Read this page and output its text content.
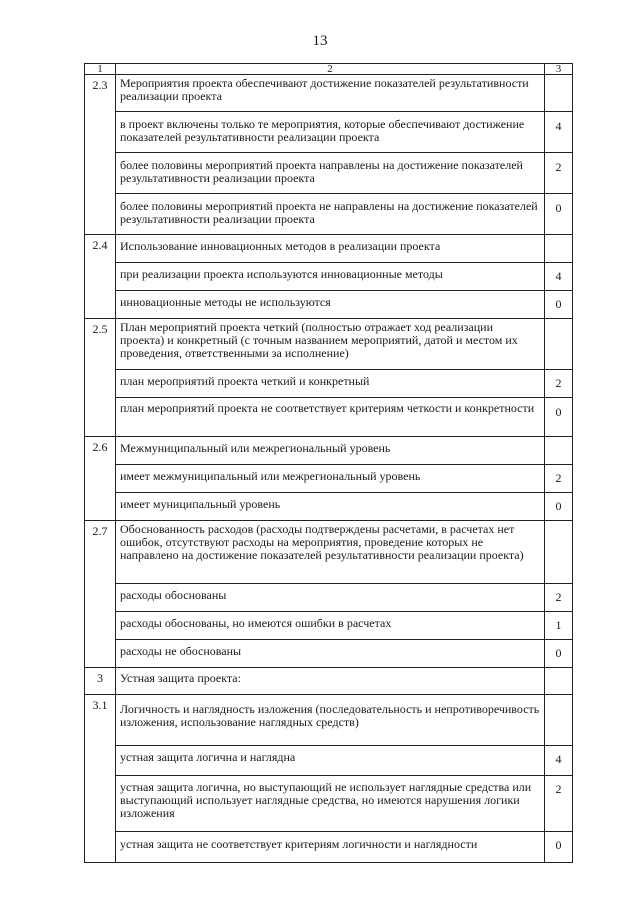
13
1	2	3
2.3	Мероприятия проекта обеспечивают достижение показателей результативности реализации проекта	
	в проект включены только те мероприятия, которые обеспечивают достижение показателей результативности реализации проекта	4
	более половины мероприятий проекта направлены на достижение показателей результативности реализации проекта	2
	более половины мероприятий проекта не направлены на достижение показателей результативности реализации проекта	0
2.4	Использование инновационных методов в реализации проекта	
	при реализации проекта используются инновационные методы	4
	инновационные методы не используются	0
2.5	План мероприятий проекта четкий (полностью отражает ход реализации проекта) и конкретный (с точным названием мероприятий, датой и местом их проведения, ответственными за исполнение)	
	план мероприятий проекта четкий и конкретный	2
	план мероприятий проекта не соответствует критериям четкости и конкретности	0
2.6	Межмуниципальный или межрегиональный уровень	
	имеет межмуниципальный или межрегиональный уровень	2
	имеет муниципальный уровень	0
2.7	Обоснованность расходов (расходы подтверждены расчетами, в расчетах нет ошибок, отсутствуют расходы на мероприятия, проведение которых не направлено на достижение показателей результативности реализации проекта)	
	расходы обоснованы	2
	расходы обоснованы, но имеются ошибки в расчетах	1
	расходы не обоснованы	0
3	Устная защита проекта:	
3.1	Логичность и наглядность изложения (последовательность и непротиворечивость изложения, использование наглядных средств)	
	устная защита логична и наглядна	4
	устная защита логична, но выступающий не использует наглядные средства или выступающий использует наглядные средства, но имеются нарушения логики изложения	2
	устная защита не соответствует критериям логичности и наглядности	0
